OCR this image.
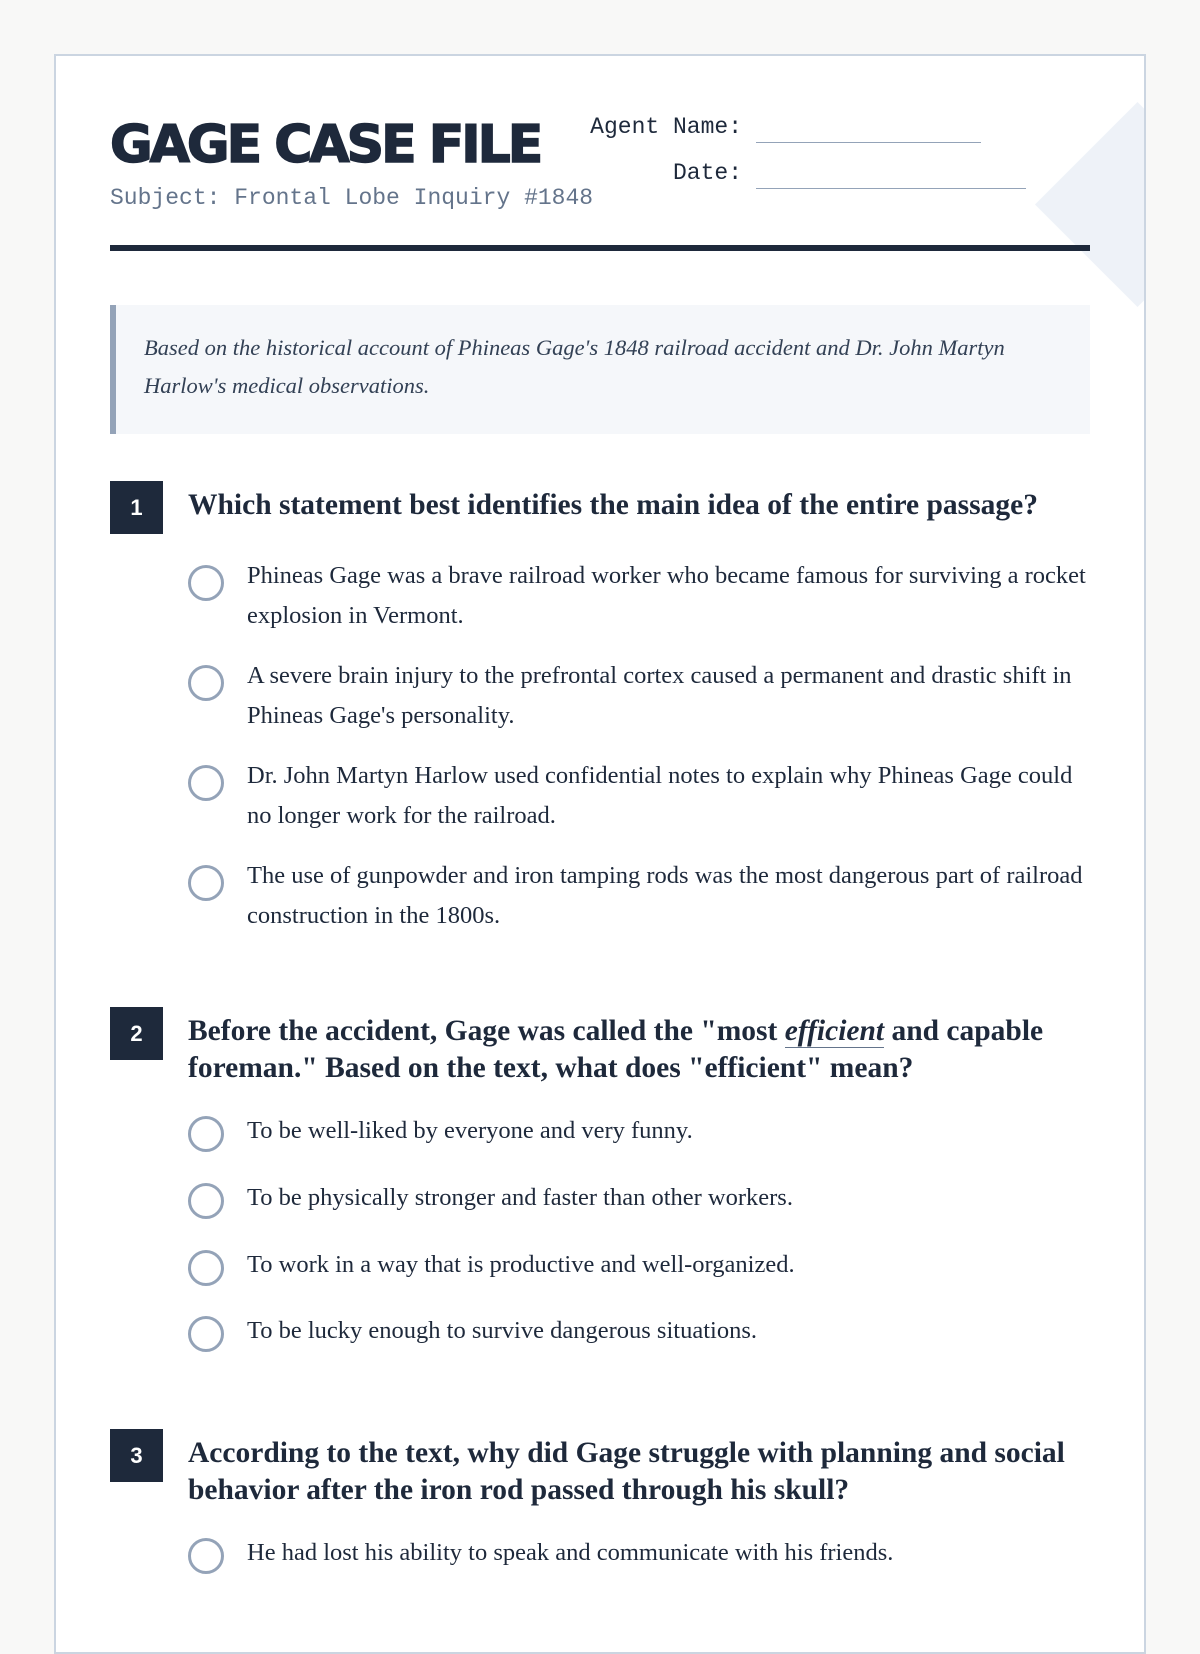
GAGE CASE FILE
Subject: Frontal Lobe Inquiry #1848
Agent Name:
Date:
Based on the historical account of Phineas Gage's 1848 railroad accident and Dr. John Martyn Harlow's medical observations.
1	Which statement best identifies the main idea of the entire passage?
Phineas Gage was a brave railroad worker who became famous for surviving a rocket explosion in Vermont.
A severe brain injury to the prefrontal cortex caused a permanent and drastic shift in Phineas Gage's personality.
Dr. John Martyn Harlow used confidential notes to explain why Phineas Gage could no longer work for the railroad.
The use of gunpowder and iron tamping rods was the most dangerous part of railroad construction in the 1800s.
2	Before the accident, Gage was called the "most efficient and capable foreman." Based on the text, what does "efficient" mean?
To be well-liked by everyone and very funny.
To be physically stronger and faster than other workers.
To work in a way that is productive and well-organized.
To be lucky enough to survive dangerous situations.
3	According to the text, why did Gage struggle with planning and social behavior after the iron rod passed through his skull?
He had lost his ability to speak and communicate with his friends.
